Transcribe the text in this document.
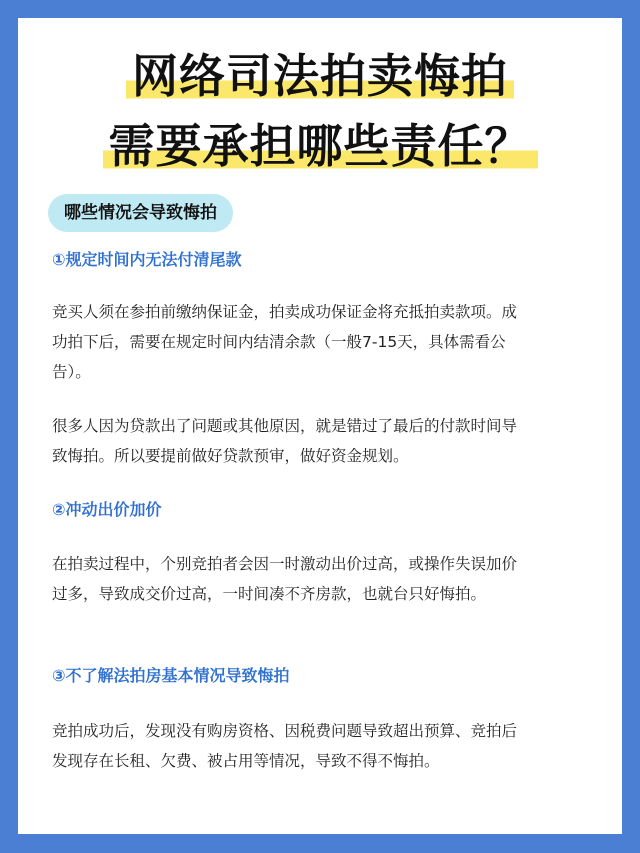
网络司法拍卖悔拍
需要承担哪些责任？
哪些情况会导致悔拍
①规定时间内无法付清尾款
竞买人须在参拍前缴纳保证金，拍卖成功保证金将充抵拍卖款项。成
功拍下后，需要在规定时间内结清余款（一般7-15天，具体需看公
告）。
很多人因为贷款出了问题或其他原因，就是错过了最后的付款时间导
致悔拍。所以要提前做好贷款预审，做好资金规划。
②冲动出价加价
在拍卖过程中，个别竞拍者会因一时激动出价过高，或操作失误加价
过多，导致成交价过高，一时间凑不齐房款，也就台只好悔拍。
③不了解法拍房基本情况导致悔拍
竞拍成功后，发现没有购房资格、因税费问题导致超出预算、竞拍后
发现存在长租、欠费、被占用等情况，导致不得不悔拍。
